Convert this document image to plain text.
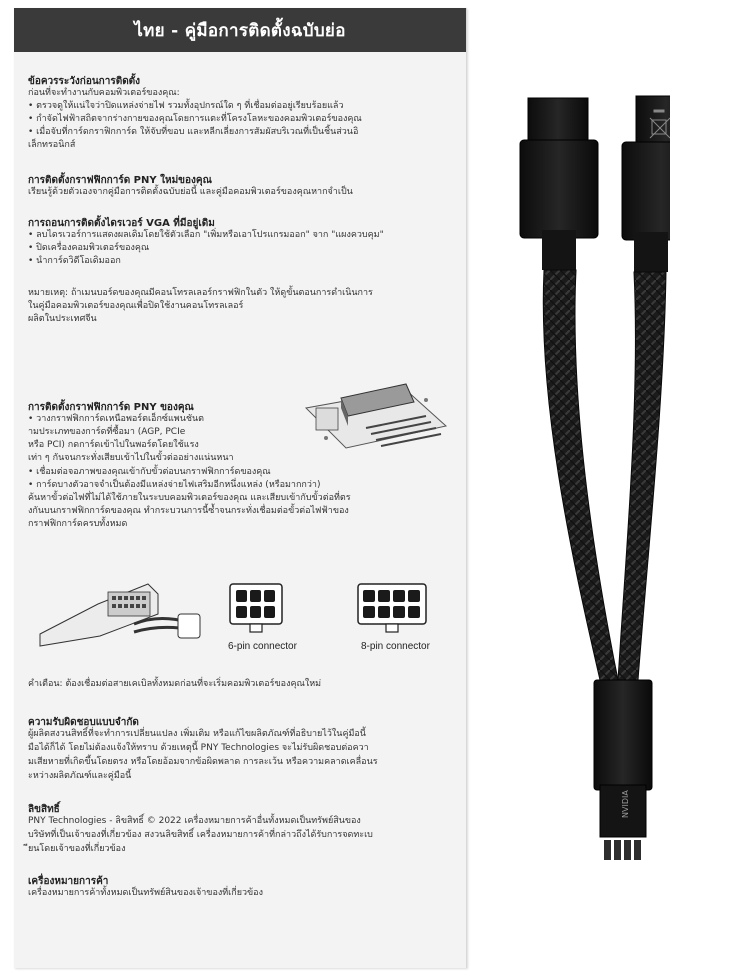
ไทย - คู่มือการติดตั้งฉบับย่อ
ข้อควรระวังก่อนการติดตั้ง
ก่อนที่จะทำงานกับคอมพิวเตอร์ของคุณ:
• ตรวจดูให้แน่ใจว่าปิดแหล่งจ่ายไฟ รวมทั้งอุปกรณ์ใด ๆ ที่เชื่อมต่ออยู่เรียบร้อยแล้ว
• กำจัดไฟฟ้าสถิตจากร่างกายของคุณโดยการแตะที่โครงโลหะของคอมพิวเตอร์ของคุณ
• เมื่อจับที่การ์ดกราฟิกการ์ด ให้จับที่ขอบ และหลีกเลี่ยงการสัมผัสบริเวณที่เป็นชิ้นส่วนอิ
เล็กทรอนิกส์
การติดตั้งกราฟฟิกการ์ด PNY ใหม่ของคุณ
เรียนรู้ด้วยตัวเองจากคู่มือการติดตั้งฉบับย่อนี้ และคู่มือคอมพิวเตอร์ของคุณหากจำเป็น
การถอนการติดตั้งไดรเวอร์ VGA ที่มีอยู่เดิม
• ลบไดรเวอร์การแสดงผลเดิมโดยใช้ตัวเลือก "เพิ่มหรือเอาโปรแกรมออก" จาก "แผงควบคุม"
• ปิดเครื่องคอมพิวเตอร์ของคุณ
• นำการ์ดวิดีโอเดิมออก
หมายเหตุ: ถ้าเมนบอร์ดของคุณมีคอนโทรลเลอร์กราฟฟิกในตัว ให้ดูขั้นตอนการดำเนินการ
ในคู่มือคอมพิวเตอร์ของคุณเพื่อปิดใช้งานคอนโทรลเลอร์
ผลิตในประเทศจีน
การติดตั้งกราฟฟิกการ์ด PNY ของคุณ
• วางกราฟฟิกการ์ดเหนือพอร์ตเอ็กซ์แพนชันต
ามประเภทของการ์ดที่ซื้อมา (AGP, PCIe
หรือ PCI) กดการ์ดเข้าไปในพอร์ตโดยใช้แรง
เท่า ๆ กันจนกระทั่งเสียบเข้าไปในขั้วต่ออย่างแน่นหนา
• เชื่อมต่อจอภาพของคุณเข้ากับขั้วต่อบนกราฟฟิกการ์ดของคุณ
• การ์ดบางตัวอาจจำเป็นต้องมีแหล่งจ่ายไฟเสริมอีกหนึ่งแหล่ง (หรือมากกว่า)
ค้นหาขั้วต่อไฟที่ไม่ได้ใช้ภายในระบบคอมพิวเตอร์ของคุณ และเสียบเข้ากับขั้วต่อที่ตร
งกันบนกราฟฟิกการ์ดของคุณ ทำกระบวนการนี้ซ้ำจนกระทั่งเชื่อมต่อขั้วต่อไฟฟ้าของ
กราฟฟิกการ์ดครบทั้งหมด
6-pin connector	8-pin connector
คำเตือน: ต้องเชื่อมต่อสายเคเบิลทั้งหมดก่อนที่จะเริ่มคอมพิวเตอร์ของคุณใหม่
ความรับผิดชอบแบบจำกัด
ผู้ผลิตสงวนสิทธิ์ที่จะทำการเปลี่ยนแปลง เพิ่มเติม หรือแก้ไขผลิตภัณฑ์ที่อธิบายไว้ในคู่มือนี้
มือได้ก็ได้ โดยไม่ต้องแจ้งให้ทราบ ด้วยเหตุนี้ PNY Technologies จะไม่รับผิดชอบต่อควา
มเสียหายที่เกิดขึ้นโดยตรง หรือโดยอ้อมจากข้อผิดพลาด การละเว้น หรือความคลาดเคลื่อนร
ะหว่างผลิตภัณฑ์และคู่มือนี้
ลิขสิทธิ์
PNY Technologies - ลิขสิทธิ์ © 2022 เครื่องหมายการค้าอื่นทั้งหมดเป็นทรัพย์สินของ
บริษัทที่เป็นเจ้าของที่เกี่ยวข้อง สงวนลิขสิทธิ์ เครื่องหมายการค้าที่กล่าวถึงได้รับการจดทะเบ
ียนโดยเจ้าของที่เกี่ยวข้อง
เครื่องหมายการค้า
เครื่องหมายการค้าทั้งหมดเป็นทรัพย์สินของเจ้าของที่เกี่ยวข้อง
NVIDIA
